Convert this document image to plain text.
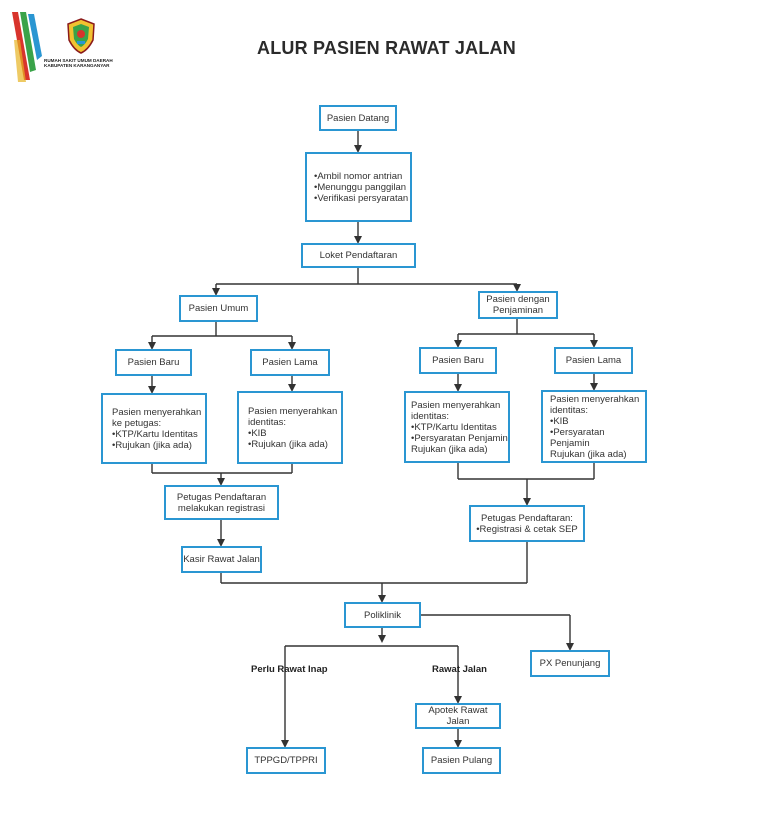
RUMAH SAKIT UMUM DAERAH
KABUPATEN KARANGANYAR
ALUR PASIEN RAWAT JALAN
Pasien Datang
•Ambil nomor antrian
•Menunggu panggilan
•Verifikasi persyaratan
Loket Pendaftaran
Pasien Umum
Pasien dengan
Penjaminan
Pasien Baru	Pasien Lama	Pasien Baru	Pasien Lama
Pasien menyerahkan
ke petugas:
•KTP/Kartu Identitas
•Rujukan (jika ada)
Pasien menyerahkan
identitas:
•KIB
•Rujukan (jika ada)
Pasien menyerahkan
identitas:
•KTP/Kartu Identitas
•Persyaratan Penjamin
Rujukan (jika ada)
Pasien menyerahkan
identitas:
•KIB
•Persyaratan Penjamin
Rujukan (jika ada)
Petugas Pendaftaran
melakukan registrasi
Petugas Pendaftaran:
•Registrasi & cetak SEP
Kasir Rawat Jalan
Poliklinik
PX Penunjang
Perlu Rawat Inap	Rawat Jalan
Apotek Rawat Jalan
TPPGD/TPPRI	Pasien Pulang
